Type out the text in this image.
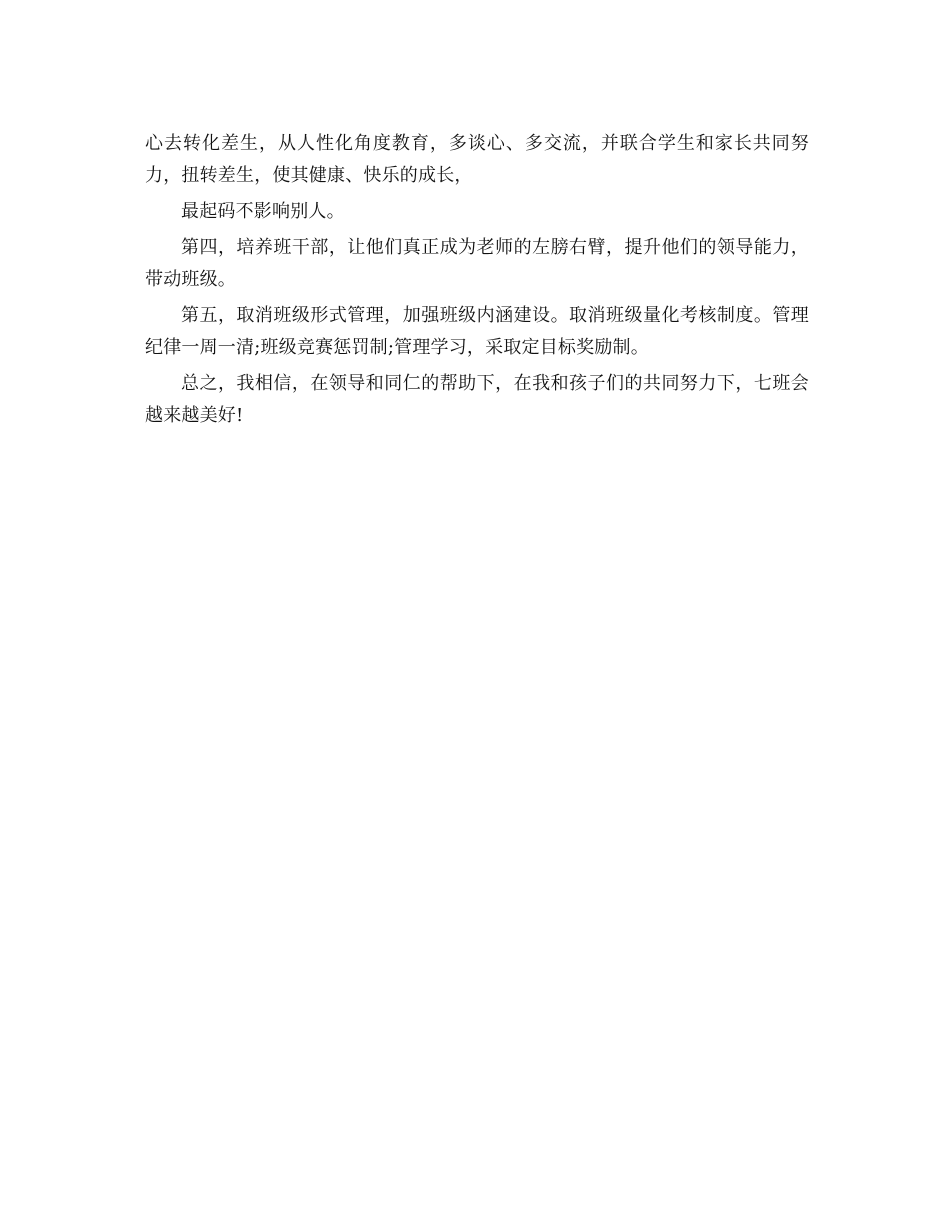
心去转化差生，从人性化角度教育，多谈心、多交流，并联合学生和家长共同努力，扭转差生，使其健康、快乐的成长，

最起码不影响别人。

第四，培养班干部，让他们真正成为老师的左膀右臂，提升他们的领导能力，带动班级。

第五，取消班级形式管理，加强班级内涵建设。取消班级量化考核制度。管理纪律一周一清;班级竞赛惩罚制;管理学习，采取定目标奖励制。

总之，我相信，在领导和同仁的帮助下，在我和孩子们的共同努力下，七班会越来越美好!
